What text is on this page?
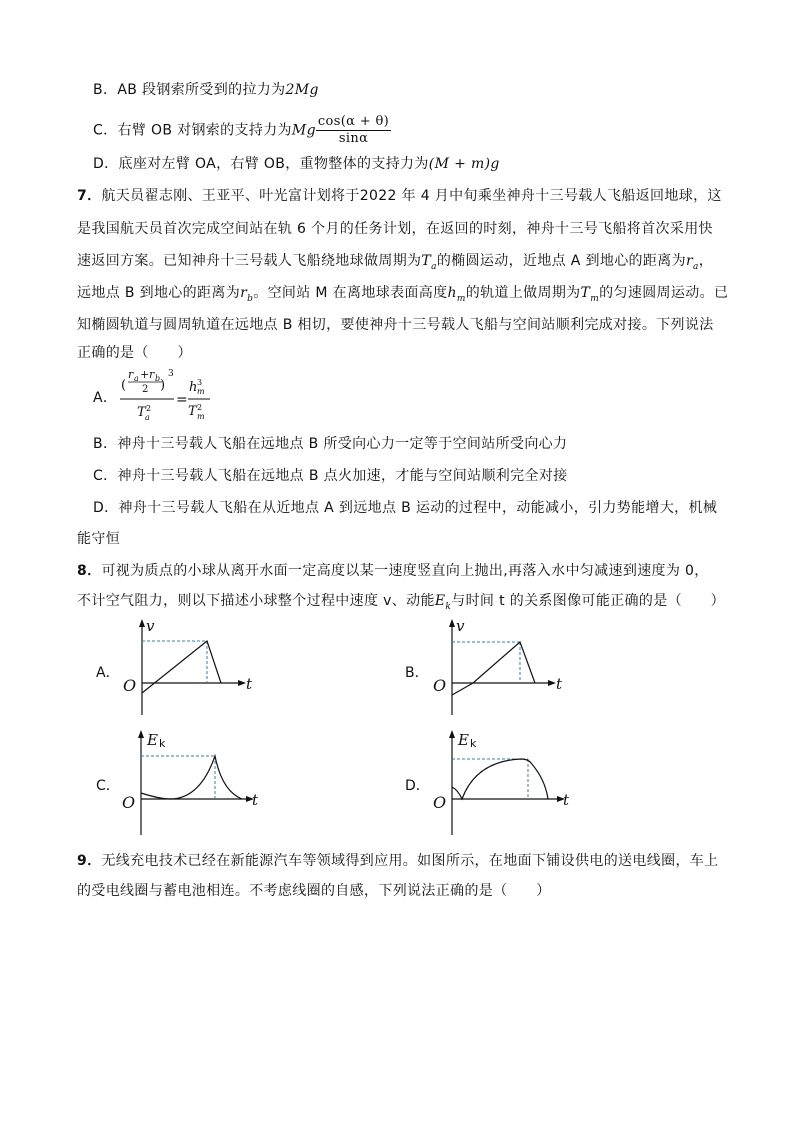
B．AB 段钢索所受到的拉力为2Mg
C．右臂 OB 对钢索的支持力为Mg $\frac{\cos(\alpha + \theta)}{\sin\alpha}$
D．底座对左臂 OA，右臂 OB，重物整体的支持力为(M + m)g
7．航天员翟志刚、王亚平、叶光富计划将于2022 年 4 月中旬乘坐神舟十三号载人飞船返回地球，这
是我国航天员首次完成空间站在轨 6 个月的任务计划，在返回的时刻，神舟十三号飞船将首次采用快
速返回方案。已知神舟十三号载人飞船绕地球做周期为$T_a$的椭圆运动，近地点 A 到地心的距离为$r_a$，
远地点 B 到地心的距离为$r_b$。空间站 M 在离地球表面高度$h_m$的轨道上做周期为$T_m$的匀速圆周运动。已
知椭圆轨道与圆周轨道在远地点 B 相切，要使神舟十三号载人飞船与空间站顺利完成对接。下列说法
正确的是（　　）
A．
(
r a + r b
2 )
3
T 2
a
=
h 3
m
T 2
m
B．神舟十三号载人飞船在远地点 B 所受向心力一定等于空间站所受向心力
C．神舟十三号载人飞船在远地点 B 点火加速，才能与空间站顺利完全对接
D．神舟十三号载人飞船在从近地点 A 到远地点 B 运动的过程中，动能减小，引力势能增大，机械
能守恒
8．可视为质点的小球从离开水面一定高度以某一速度竖直向上抛出,再落入水中匀减速到速度为 0，
不计空气阻力，则以下描述小球整个过程中速度 v、动能$E_k$与时间 t 的关系图像可能正确的是（　　）
A．
v
t
O
B．
v
t
O
C．
E k
t
O
D．
E k
t
O
9．无线充电技术已经在新能源汽车等领域得到应用。如图所示，在地面下铺设供电的送电线圈，车上
的受电线圈与蓄电池相连。不考虑线圈的自感，下列说法正确的是（　　）
